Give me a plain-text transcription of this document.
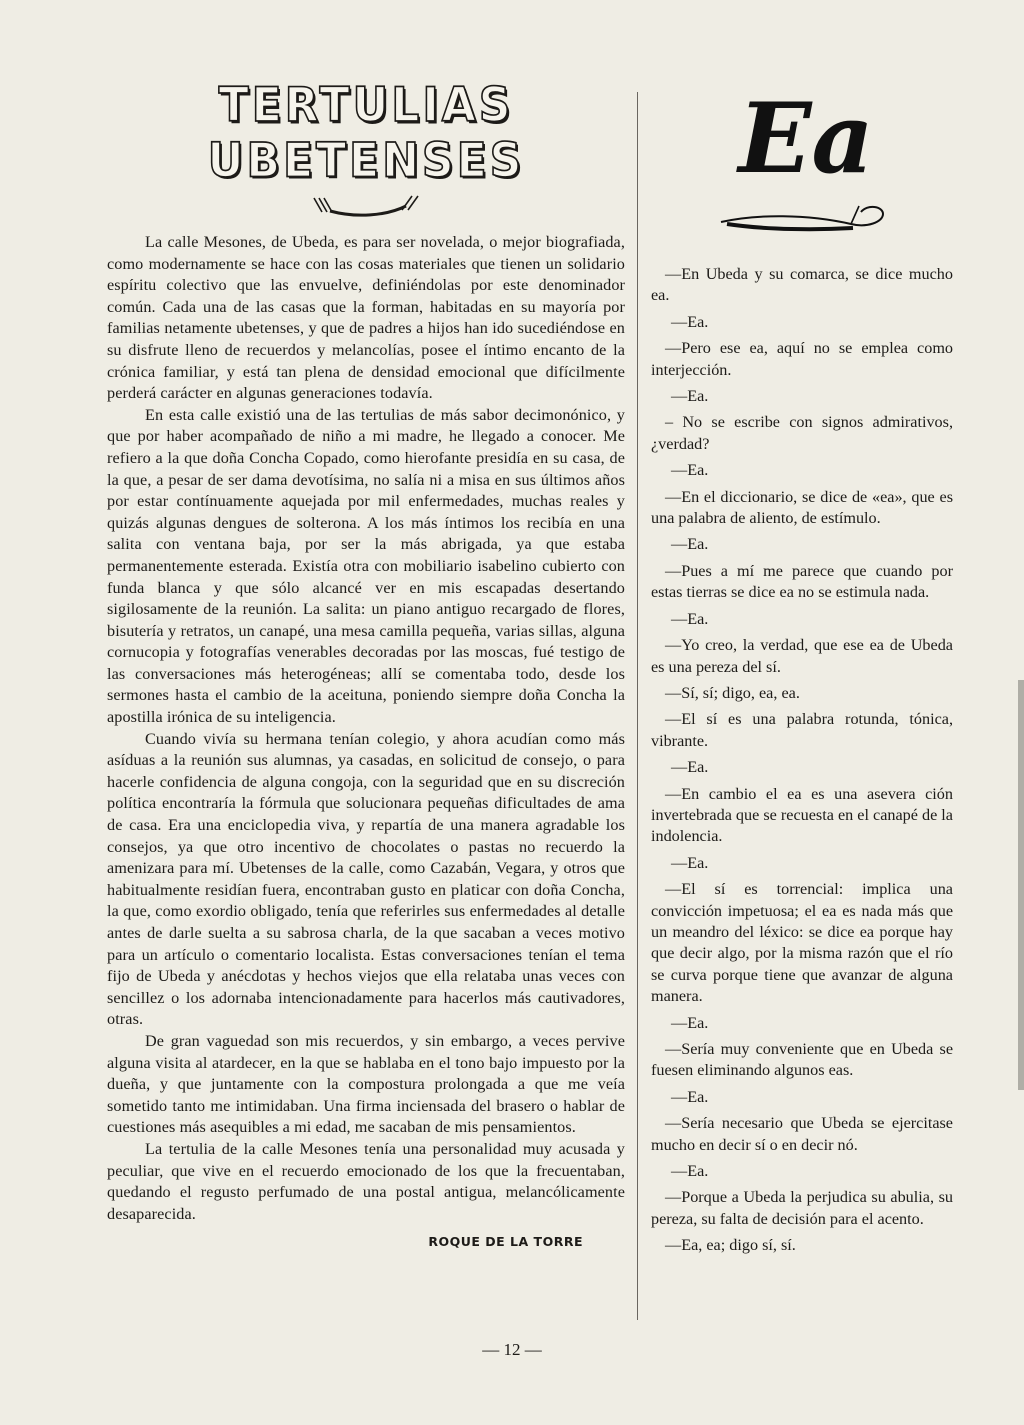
TERTULIAS UBETENSES

La calle Mesones, de Ubeda, es para ser novelada, o mejor biografiada, como modernamente se hace con las cosas materiales que tienen un solidario espíritu colectivo que las envuelve, definiéndolas por este denominador común. Cada una de las casas que la forman, habitadas en su mayoría por familias netamente ubetenses, y que de padres a hijos han ido sucediéndose en su disfrute lleno de recuerdos y melancolías, posee el íntimo encanto de la crónica familiar, y está tan plena de densidad emocional que difícilmente perderá carácter en algunas generaciones todavía.

En esta calle existió una de las tertulias de más sabor decimonónico, y que por haber acompañado de niño a mi madre, he llegado a conocer. Me refiero a la que doña Concha Copado, como hierofante presidía en su casa, de la que, a pesar de ser dama devotísima, no salía ni a misa en sus últimos años por estar contínuamente aquejada por mil enfermedades, muchas reales y quizás algunas dengues de solterona. A los más íntimos los recibía en una salita con ventana baja, por ser la más abrigada, ya que estaba permanentemente esterada. Existía otra con mobiliario isabelino cubierto con funda blanca y que sólo alcancé ver en mis escapadas desertando sigilosamente de la reunión. La salita: un piano antiguo recargado de flores, bisutería y retratos, un canapé, una mesa camilla pequeña, varias sillas, alguna cornucopia y fotografías venerables decoradas por las moscas, fué testigo de las conversaciones más heterogéneas; allí se comentaba todo, desde los sermones hasta el cambio de la aceituna, poniendo siempre doña Concha la apostilla irónica de su inteligencia.

Cuando vivía su hermana tenían colegio, y ahora acudían como más asíduas a la reunión sus alumnas, ya casadas, en solicitud de consejo, o para hacerle confidencia de alguna congoja, con la seguridad que en su discreción política encontraría la fórmula que solucionara pequeñas dificultades de ama de casa. Era una enciclopedia viva, y repartía de una manera agradable los consejos, ya que otro incentivo de chocolates o pastas no recuerdo la amenizara para mí. Ubetenses de la calle, como Cazabán, Vegara, y otros que habitualmente residían fuera, encontraban gusto en platicar con doña Concha, la que, como exordio obligado, tenía que referirles sus enfermedades al detalle antes de darle suelta a su sabrosa charla, de la que sacaban a veces motivo para un artículo o comentario localista. Estas conversaciones tenían el tema fijo de Ubeda y anécdotas y hechos viejos que ella relataba unas veces con sencillez o los adornaba intencionadamente para hacerlos más cautivadores, otras.

De gran vaguedad son mis recuerdos, y sin embargo, a veces pervive alguna visita al atardecer, en la que se hablaba en el tono bajo impuesto por la dueña, y que juntamente con la compostura prolongada a que me veía sometido tanto me intimidaban. Una firma inciensada del brasero o hablar de cuestiones más asequibles a mi edad, me sacaban de mis pensamientos.

La tertulia de la calle Mesones tenía una personalidad muy acusada y peculiar, que vive en el recuerdo emocionado de los que la frecuentaban, quedando el regusto perfumado de una postal antigua, melancólicamente desaparecida.

ROQUE DE LA TORRE
Ea

—En Ubeda y su comarca, se dice mucho ea.

—Ea.

—Pero ese ea, aquí no se emplea como interjección.

—Ea.

– No se escribe con signos admirativos, ¿verdad?

—Ea.

—En el diccionario, se dice de «ea», que es una palabra de aliento, de estímulo.

—Ea.

—Pues a mí me parece que cuando por estas tierras se dice ea no se estimula nada.

—Ea.

—Yo creo, la verdad, que ese ea de Ubeda es una pereza del sí.

—Sí, sí; digo, ea, ea.

—El sí es una palabra rotunda, tónica, vibrante.

—Ea.

—En cambio el ea es una asevera ción invertebrada que se recuesta en el canapé de la indolencia.

—Ea.

—El sí es torrencial: implica una convicción impetuosa; el ea es nada más que un meandro del léxico: se dice ea porque hay que decir algo, por la misma razón que el río se curva porque tiene que avanzar de alguna manera.

—Ea.

—Sería muy conveniente que en Ubeda se fuesen eliminando algunos eas.

—Ea.

—Sería necesario que Ubeda se ejercitase mucho en decir sí o en decir nó.

—Ea.

—Porque a Ubeda la perjudica su abulia, su pereza, su falta de decisión para el acento.

—Ea, ea; digo sí, sí.

— 12 —
